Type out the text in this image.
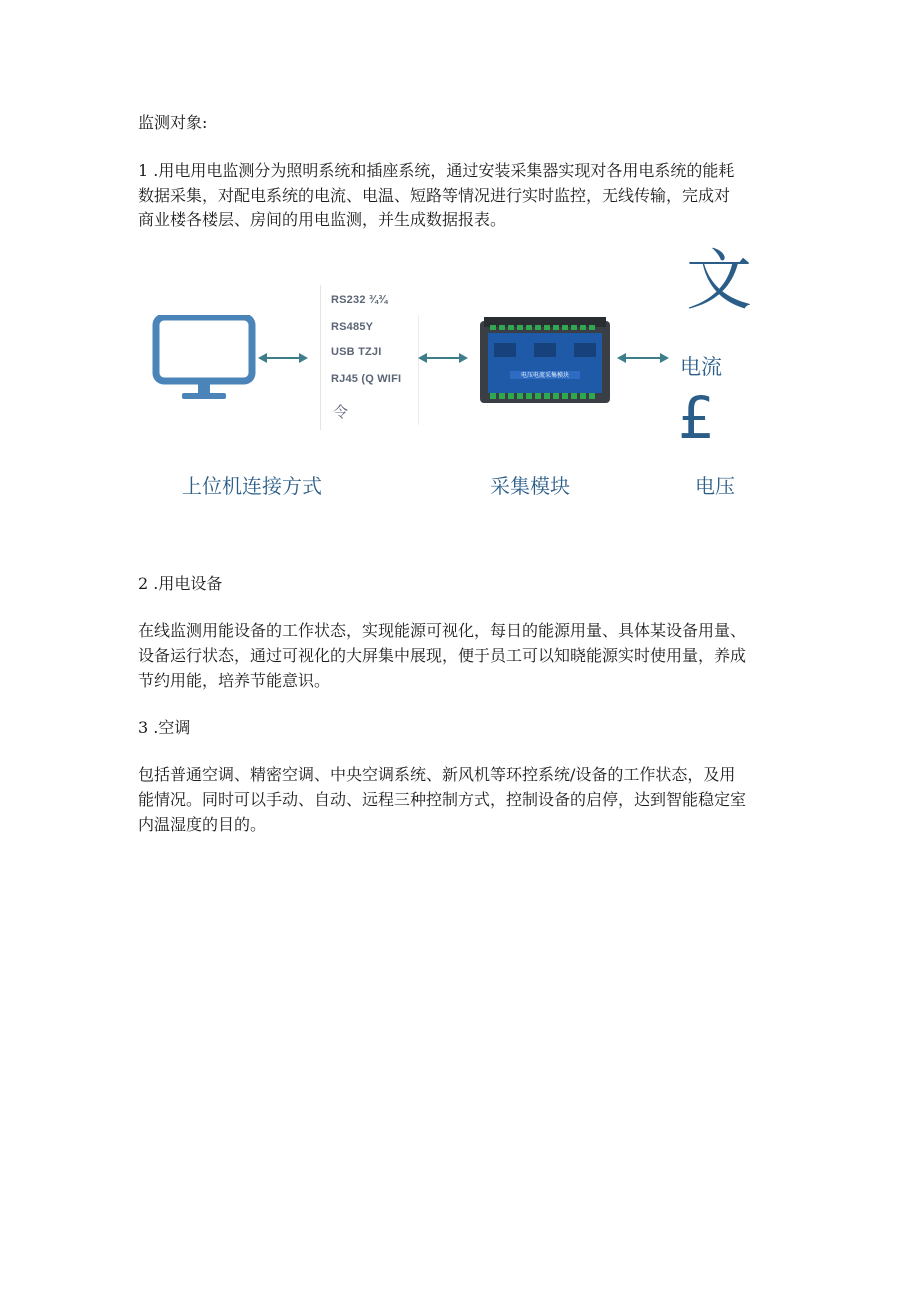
监测对象:
1 .用电用电监测分为照明系统和插座系统，通过安装采集器实现对各用电系统的能耗
数据采集，对配电系统的电流、电温、短路等情况进行实时监控，无线传输，完成对
商业楼各楼层、房间的用电监测，并生成数据报表。
RS232 ¾¾
RS485Y
USB TZJI
RJ45 (Q WIFI
令
电压电流采集模块
文
电流
£
上位机连接方式	采集模块	电压
2 .用电设备
在线监测用能设备的工作状态，实现能源可视化，每日的能源用量、具体某设备用量、
设备运行状态，通过可视化的大屏集中展现，便于员工可以知晓能源实时使用量，养成
节约用能，培养节能意识。
3 .空调
包括普通空调、精密空调、中央空调系统、新风机等环控系统/设备的工作状态，及用
能情况。同时可以手动、自动、远程三种控制方式，控制设备的启停，达到智能稳定室
内温湿度的目的。
